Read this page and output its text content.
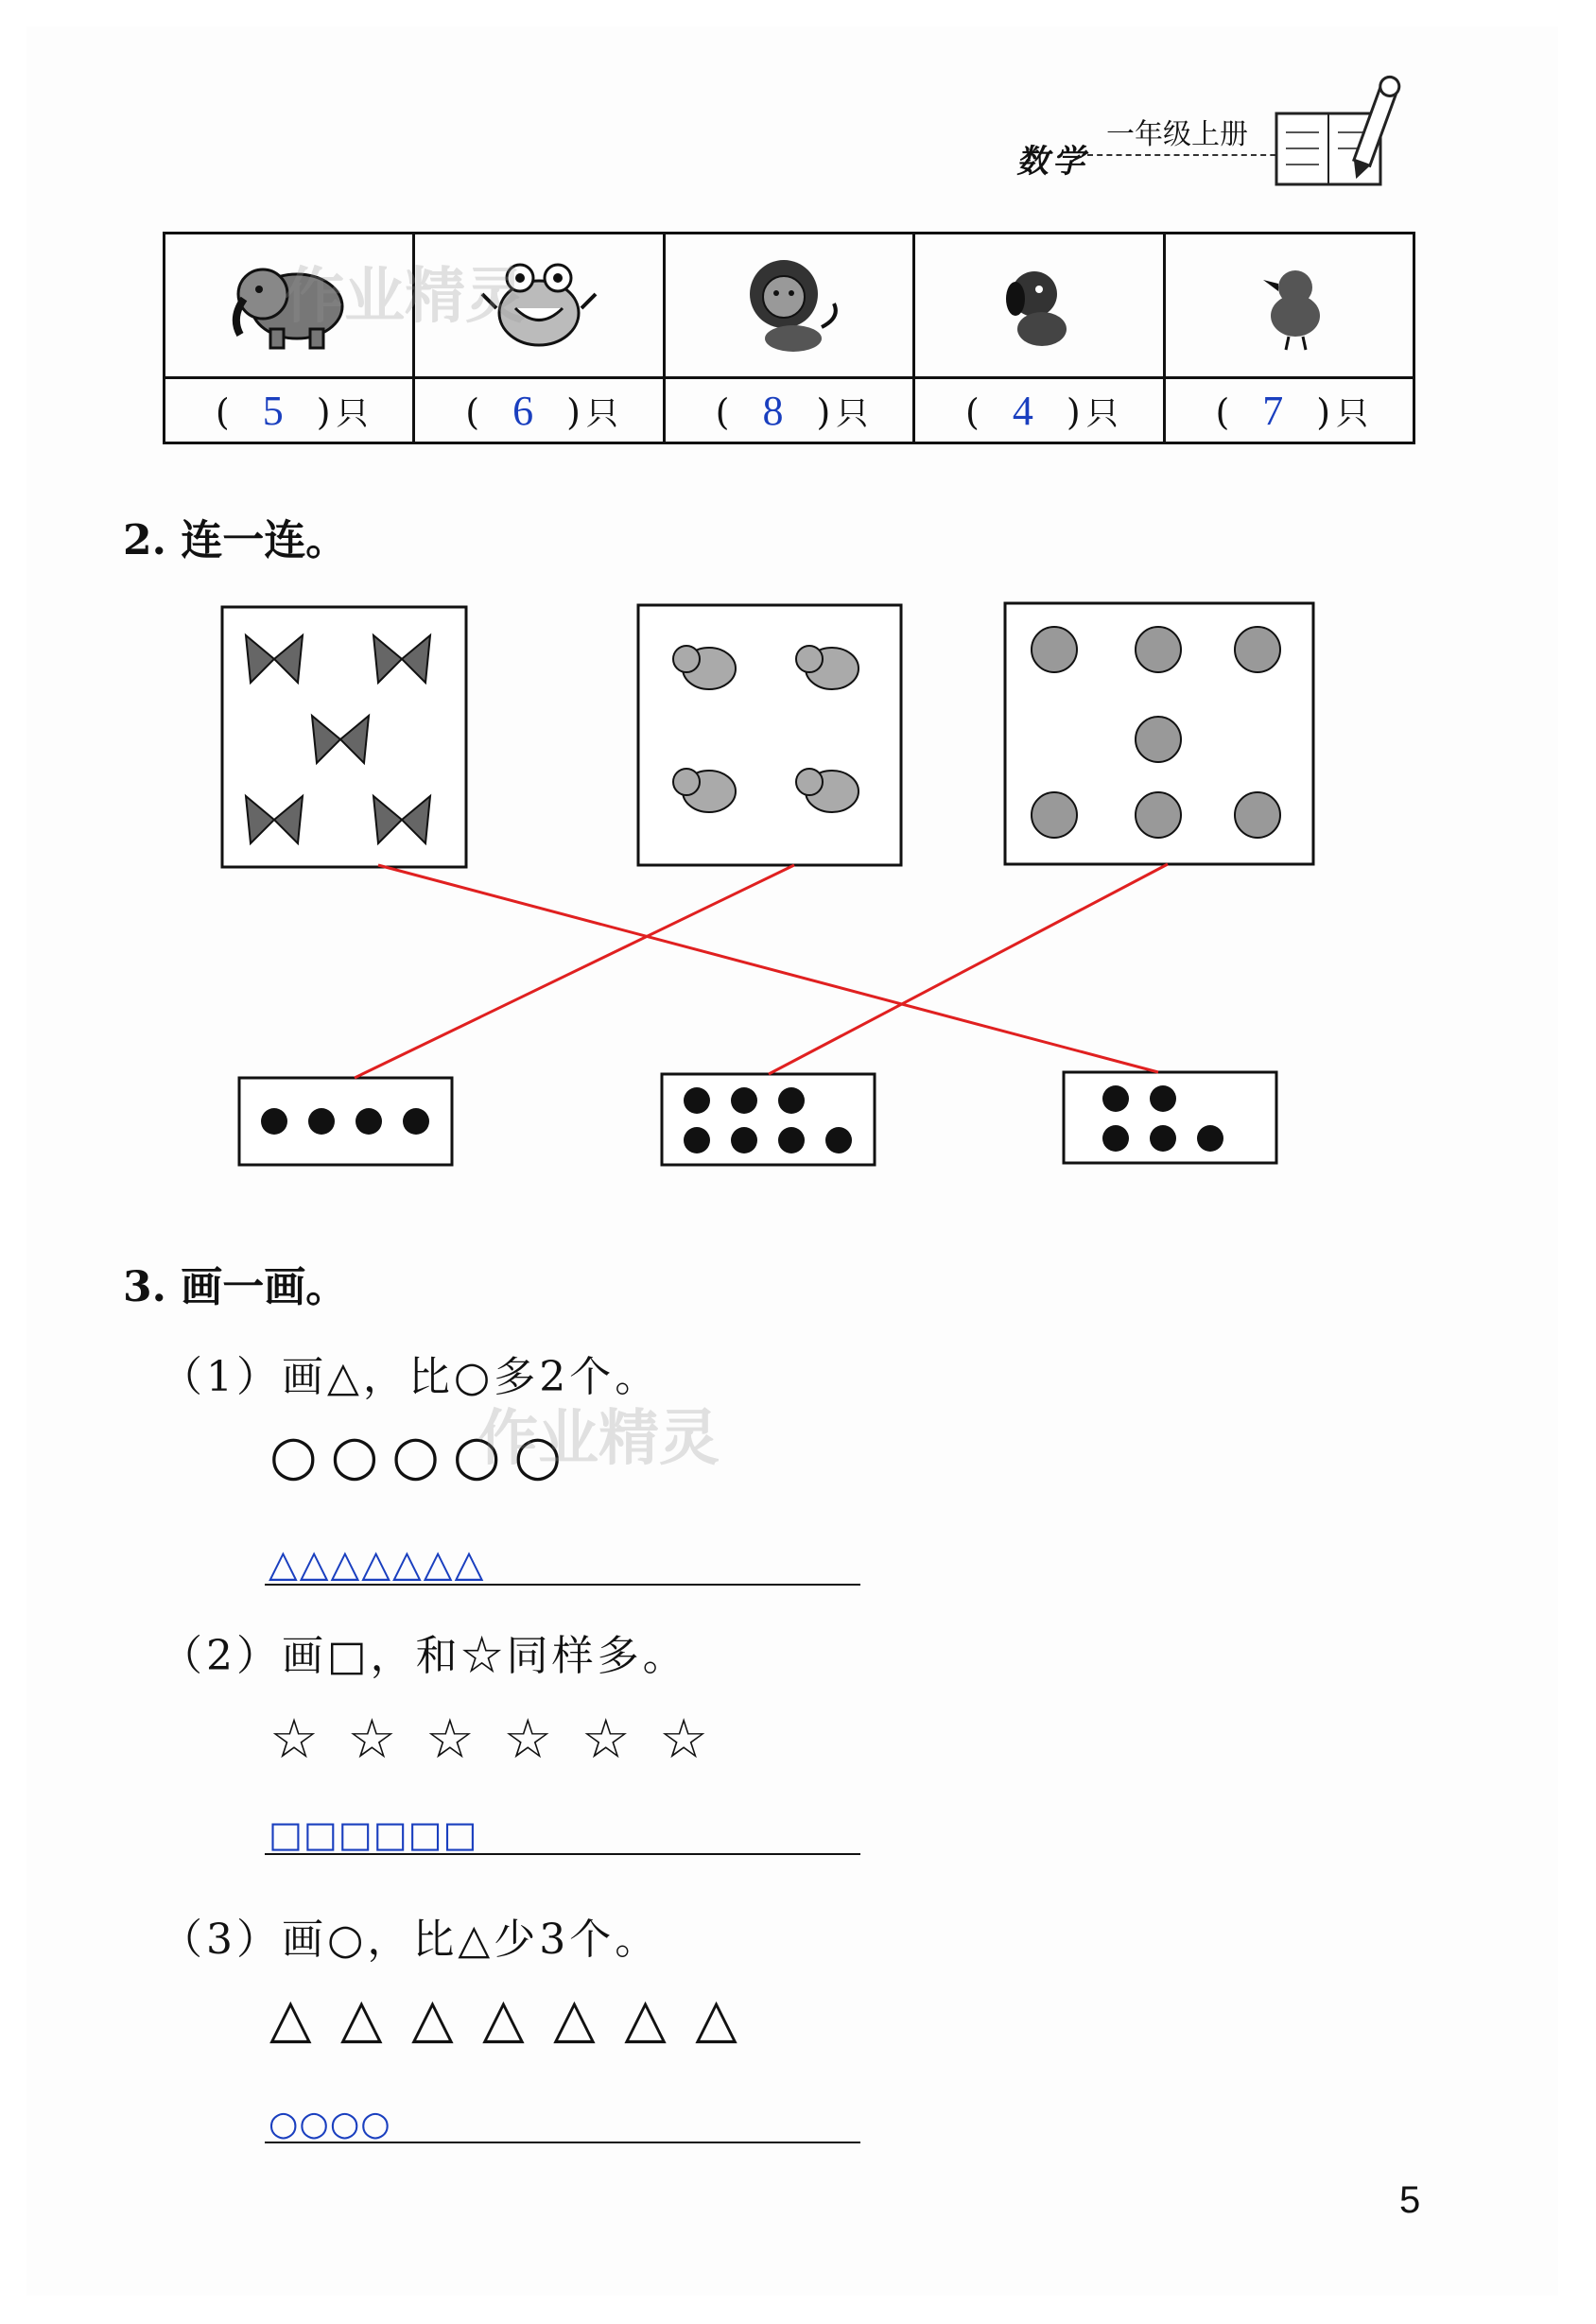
数学
一年级上册

( 5 ) 只	( 6 ) 只	( 8 ) 只	( 4 ) 只	( 7 ) 只
作业精灵
2. 连一连。
3. 画一画。
（1）画△，比○多2个。
○○○○○
作业精灵
△△△△△△△
（2）画□，和☆同样多。
☆ ☆ ☆ ☆ ☆ ☆
□□□□□□
（3）画○，比△少3个。
△ △ △ △ △ △ △
○○○○
5
